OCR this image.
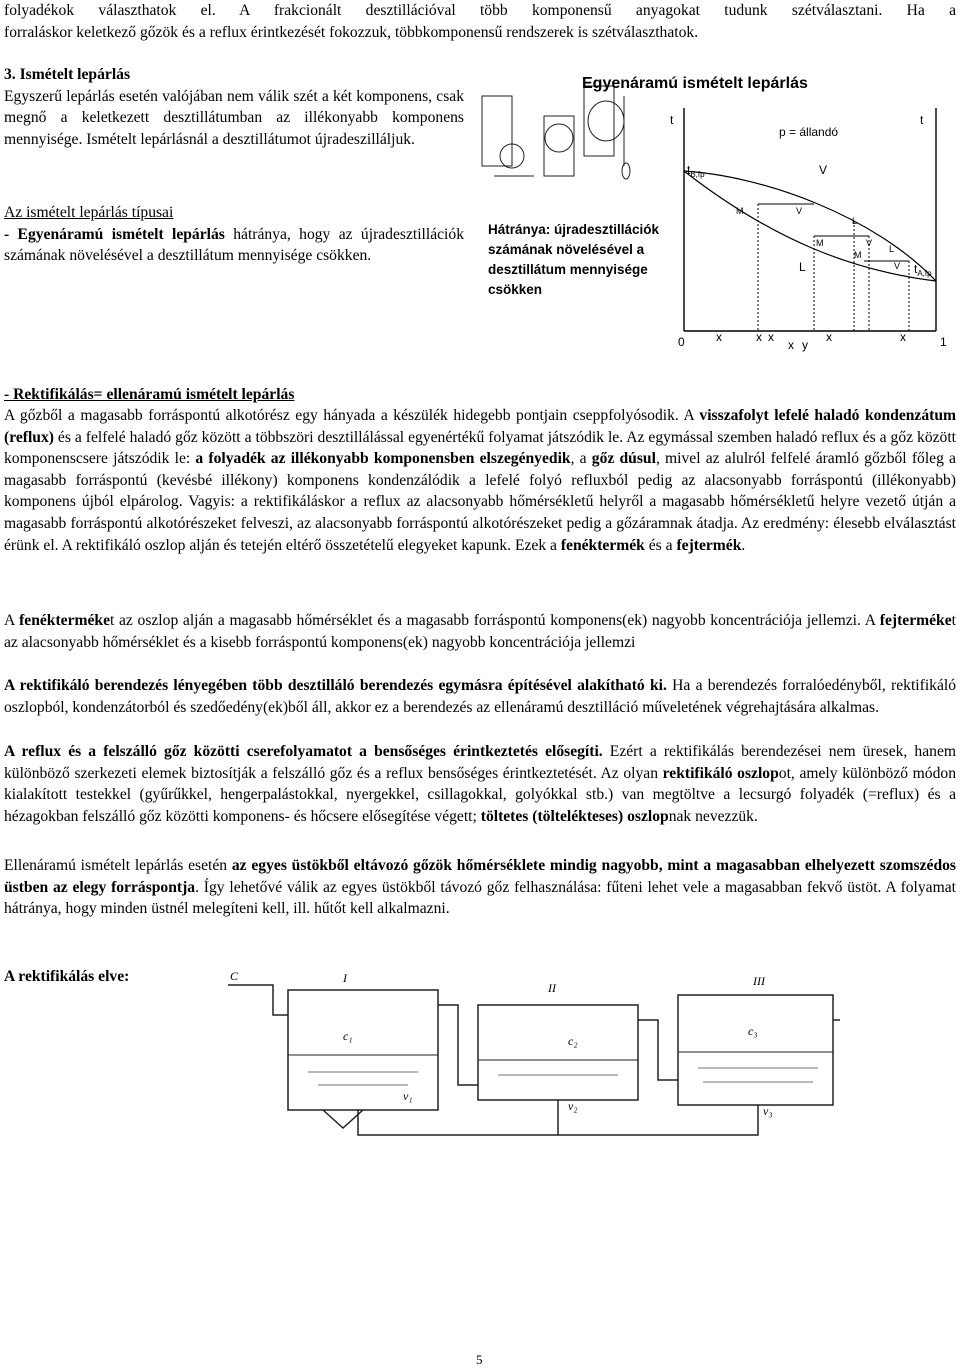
folyadékok választhatok el. A frakcionált desztillációval több komponensű anyagokat tudunk szétválasztani. Ha a

forraláskor keletkező gőzök és a reflux érintkezését fokozzuk, többkomponensű rendszerek is szétválaszthatok.

3. Ismételt lepárlás
Egyszerű lepárlás esetén valójában nem válik szét a két komponens, csak megnő a keletkezett desztillátumban az illékonyabb komponens mennyisége. Ismételt lepárlásnál a desztillátumot újradeszilláljuk.
Az ismételt lepárlás típusai
- Egyenáramú ismételt lepárlás hátránya, hogy az újradesztillációk számának növelésével a desztillátum mennyisége csökken.
Egyenáramú ismételt lepárlás
t	t
p = állandó
V
L
$t_{B,fp}$
$t_{A,fp}$
M	V
L
M	V
L
M
V
0	1
x	x x
x y
x	x
Hátránya: újradesztillációk számának növelésével a desztillátum mennyisége csökken
- Rektifikálás= ellenáramú ismételt lepárlás

A gőzből a magasabb forráspontú alkotórész egy hányada a készülék hidegebb pontjain cseppfolyósodik. A visszafolyt lefelé haladó kondenzátum (reflux) és a felfelé haladó gőz között a többszöri desztillálással egyenértékű folyamat játszódik le. Az egymással szemben haladó reflux és a gőz között komponenscsere játszódik le: a folyadék az illékonyabb komponensben elszegényedik, a gőz dúsul, mivel az alulról felfelé áramló gőzből főleg a magasabb forráspontú (kevésbé illékony) komponens kondenzálódik a lefelé folyó refluxból pedig az alacsonyabb forráspontú (illékonyabb) komponens újból elpárolog. Vagyis: a rektifikáláskor a reflux az alacsonyabb hőmérsékletű helyről a magasabb hőmérsékletű helyre vezető útján a magasabb forráspontú alkotórészeket felveszi, az alacsonyabb forráspontú alkotórészeket pedig a gőzáramnak átadja. Az eredmény: élesebb elválasztást érünk el. A rektifikáló oszlop alján és tetején eltérő összetételű elegyeket kapunk. Ezek a fenéktermék és a fejtermék.

A fenékterméket az oszlop alján a magasabb hőmérséklet és a magasabb forráspontú komponens(ek) nagyobb koncentrációja jellemzi. A fejterméket az alacsonyabb hőmérséklet és a kisebb forráspontú komponens(ek) nagyobb koncentrációja jellemzi

A rektifikáló berendezés lényegében több desztilláló berendezés egymásra építésével alakítható ki. Ha a berendezés forralóedényből, rektifikáló oszlopból, kondenzátorból és szedőedény(ek)ből áll, akkor ez a berendezés az ellenáramú desztilláció műveletének végrehajtására alkalmas.

A reflux és a felszálló gőz közötti cserefolyamatot a bensőséges érintkeztetés elősegíti. Ezért a rektifikálás berendezései nem üresek, hanem különböző szerkezeti elemek biztosítják a felszálló gőz és a reflux bensőséges érintkeztetését. Az olyan rektifikáló oszlopot, amely különböző módon kialakított testekkel (gyűrűkkel, hengerpalástokkal, nyergekkel, csillagokkal, golyókkal stb.) van megtöltve a lecsurgó folyadék (=reflux) és a hézagokban felszálló gőz közötti komponens- és hőcsere elősegítése végett; töltetes (töltelékteses) oszlopnak nevezzük.

Ellenáramú ismételt lepárlás esetén az egyes üstökből eltávozó gőzök hőmérséklete mindig nagyobb, mint a magasabban elhelyezett szomszédos üstben az elegy forráspontja. Így lehetővé válik az egyes üstökből távozó gőz felhasználása: fűteni lehet vele a magasabban fekvő üstöt. A folyamat hátránya, hogy minden üstnél melegíteni kell, ill. hűtőt kell alkalmazni.

A rektifikálás elve:	I
II	III
C
c₁	c₂
c₃
v₁
v₂	v₃
5
